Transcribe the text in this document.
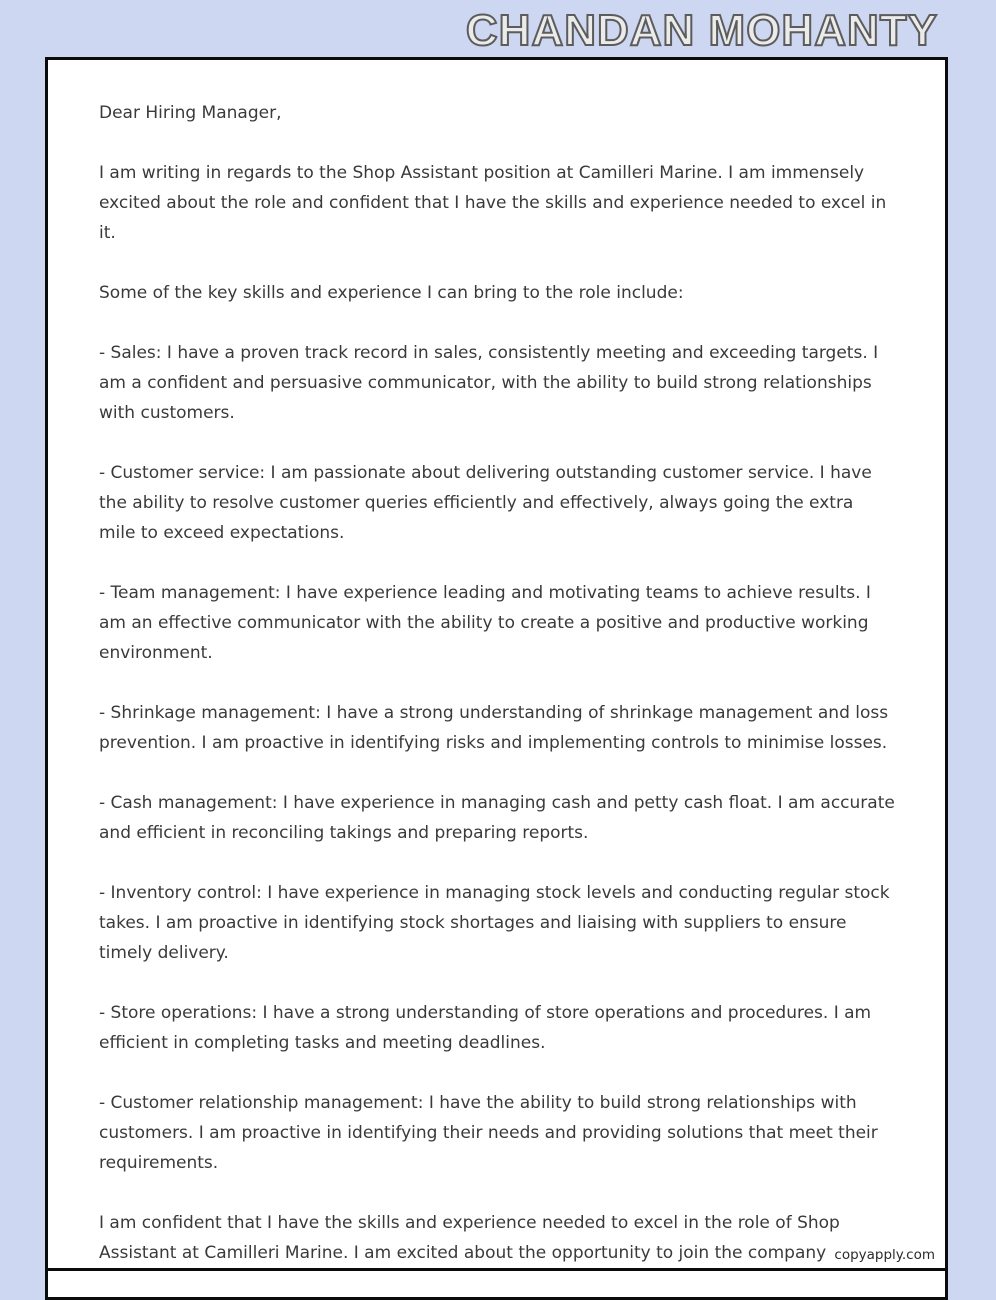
CHANDAN MOHANTY

Dear Hiring Manager,

I am writing in regards to the Shop Assistant position at Camilleri Marine. I am immensely excited about the role and confident that I have the skills and experience needed to excel in it.

Some of the key skills and experience I can bring to the role include:

- Sales: I have a proven track record in sales, consistently meeting and exceeding targets. I am a confident and persuasive communicator, with the ability to build strong relationships with customers.

- Customer service: I am passionate about delivering outstanding customer service. I have the ability to resolve customer queries efficiently and effectively, always going the extra mile to exceed expectations.

- Team management: I have experience leading and motivating teams to achieve results. I am an effective communicator with the ability to create a positive and productive working environment.

- Shrinkage management: I have a strong understanding of shrinkage management and loss prevention. I am proactive in identifying risks and implementing controls to minimise losses.

- Cash management: I have experience in managing cash and petty cash float. I am accurate and efficient in reconciling takings and preparing reports.

- Inventory control: I have experience in managing stock levels and conducting regular stock takes. I am proactive in identifying stock shortages and liaising with suppliers to ensure timely delivery.

- Store operations: I have a strong understanding of store operations and procedures. I am efficient in completing tasks and meeting deadlines.

- Customer relationship management: I have the ability to build strong relationships with customers. I am proactive in identifying their needs and providing solutions that meet their requirements.

I am confident that I have the skills and experience needed to excel in the role of Shop Assistant at Camilleri Marine. I am excited about the opportunity to join the company copyapply.com
